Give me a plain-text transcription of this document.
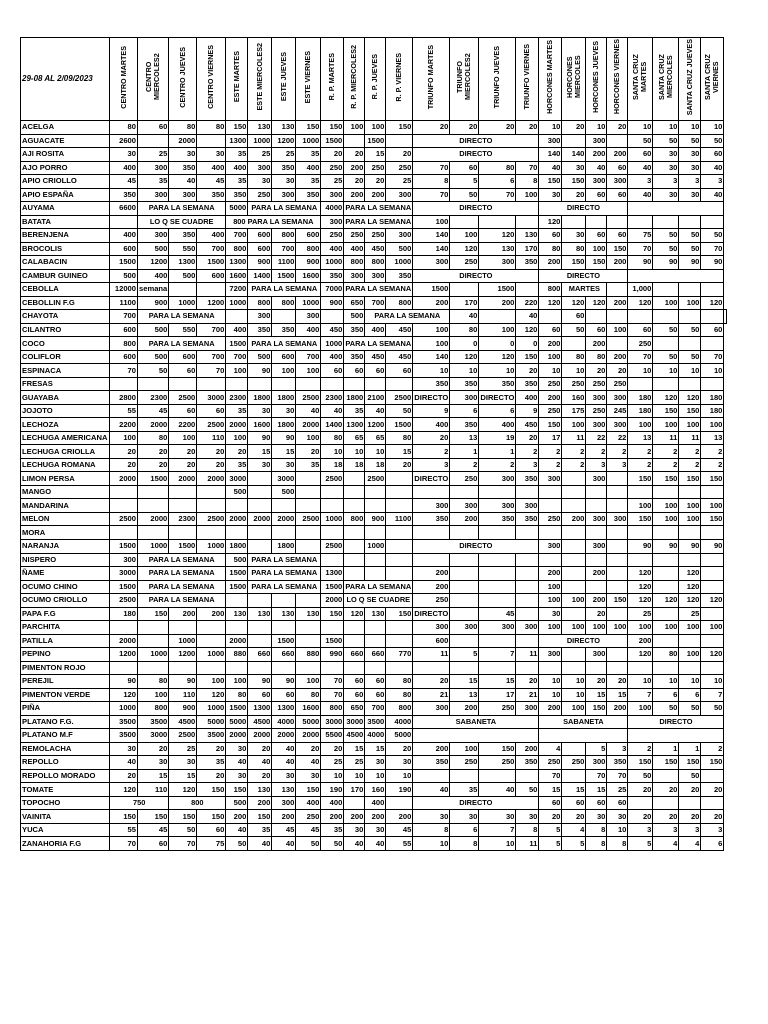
29-08 AL 2/09/2023	CENTRO MARTES	CENTRO MIERCOLES2	CENTRO JUEVES	CENTRO VIERNES	ESTE MARTES	ESTE MIERCOLES2	ESTE JUEVES	ESTE VIERNES	R. P. MARTES	R. P. MIERCOLES2	R. P. JUEVES	R. P. VIERNES	TRIUNFO MARTES	TRIUNFO MIERCOLES2	TRIUNFO JUEVES	TRIUNFO VIERNES	HORCONES MARTES	HORCONES MIERCOLES	HORCONES JUEVES	HORCONES VIERNES	SANTA CRUZ MARTES	SANTA CRUZ MIERCOLES	SANTA CRUZ JUEVES	SANTA CRUZ VIERNES	
ACELGA	80	60	80	80	150	130	130	150	150	100	100	150	20	20	20	20	10	20	10	20	10	10	10	10	
AGUACATE	2600		2000		1300	1000	1200	1000	1500		1500		DIRECTO				300		300		50	50	50	50	
AJI ROSITA	30	25	30	30	35	25	25	35	20	20	15	20	DIRECTO				140	140	200	200	60	30	30	60	
AJO PORRO	400	300	350	400	400	300	350	400	250	200	250	250	70	60	80	70	40	30	40	60	40	30	30	40	
APIO CRIOLLO	45	35	40	45	35	30	30	35	25	20	20	25	8	5	6	8	150	150	300	300	3	3	3	3	
APIO ESPAÑA	350	300	300	350	350	250	300	350	300	200	200	300	70	50	70	100	30	20	60	60	40	30	30	40	
AUYAMA	6600	PARA LA SEMANA			5000	PARA LA SEMANA			4000	PARA LA SEMANA			DIRECTO				DIRECTO								
BATATA		LO Q SE CUADRE			800 PARA LA SEMANA				300	PARA LA SEMANA			100				120								
BERENJENA	400	300	350	400	700	600	800	600	250	250	250	300	140	100	120	130	60	30	60	60	75	50	50	50	
BROCOLIS	600	500	550	700	800	600	700	800	400	400	450	500	140	120	130	170	80	80	100	150	70	50	50	70	
CALABACIN	1500	1200	1300	1500	1300	900	1100	900	1000	800	800	1000	300	250	300	350	200	150	150	200	90	90	90	90	
CAMBUR GUINEO	500	400	500	600	1600	1400	1500	1600	350	300	300	350	DIRECTO				DIRECTO								
CEBOLLA	12000	semana			7200	PARA LA SEMANA			7000	PARA LA SEMANA			1500		1500		800	MARTES			1,000				
CEBOLLIN F.G	1100	900	1000	1200	1000	800	800	1000	900	650	700	800	200	170	200	220	120	120	120	200	120	100	100	120	
CHAYOTA	700	PARA LA SEMANA				300		300		500	PARA LA SEMANA			40		40		60							
CILANTRO	600	500	550	700	400	350	350	400	450	350	400	450	100	80	100	120	60	50	60	100	60	50	50	60	
COCO	800	PARA LA SEMANA			1500	PARA LA SEMANA			1000	PARA LA SEMANA			100	0	0	0	200		200		250				
COLIFLOR	600	500	600	700	700	500	600	700	400	350	450	450	140	120	120	150	100	80	80	200	70	50	50	70	
ESPINACA	70	50	60	70	100	90	100	100	60	60	60	60	10	10	10	20	10	10	20	20	10	10	10	10	
FRESAS													350	350	350	350	250	250	250	250					
GUAYABA	2800	2300	2500	3000	2300	1800	1800	2500	2300	1800	2100	2500	DIRECTO	300	DIRECTO	400	200	160	300	300	180	120	120	180	
JOJOTO	55	45	60	60	35	30	30	40	40	35	40	50	9	6	6	9	250	175	250	245	180	150	150	180	
LECHOZA	2200	2000	2200	2500	2000	1600	1800	2000	1400	1300	1200	1500	400	350	400	450	150	100	300	300	100	100	100	100	
LECHUGA AMERICANA	100	80	100	110	100	90	90	100	80	65	65	80	20	13	19	20	17	11	22	22	13	11	11	13	
LECHUGA CRIOLLA	20	20	20	20	20	15	15	20	10	10	10	15	2	1	1	2	2	2	2	2	2	2	2	2	
LECHUGA ROMANA	20	20	20	20	35	30	30	35	18	18	18	20	3	2	2	3	2	2	3	3	2	2	2	2	
LIMON PERSA	2000	1500	2000	2000	3000		3000		2500		2500		DIRECTO	250	300	350	300		300		150	150	150	150	
MANGO					500		500																		
MANDARINA													300	300	300	300					100	100	100	100	
MELON	2500	2000	2300	2500	2000	2000	2000	2500	1000	800	900	1100	350	200	350	350	250	200	300	300	150	100	100	150	
MORA																									
NARANJA	1500	1000	1500	1000	1800		1800		2500		1000		DIRECTO				300		300		90	90	90	90	
NISPERO	300	PARA LA SEMANA			500	PARA LA SEMANA																			
ÑAME	3000	PARA LA SEMANA			1500	PARA LA SEMANA			1300				200				200		200		120		120		
OCUMO CHINO	1500	PARA LA SEMANA			1500	PARA LA SEMANA			1500	PARA LA SEMANA			200				100				120		120		
OCUMO CRIOLLO	2500	PARA LA SEMANA							2000	LO Q SE CUADRE			250				100	100	200	150	120	120	120	120	
PAPA F.G	180	150	200	200	130	130	130	130	150	120	130	150	DIRECTO		45		30		20		25		25		
PARCHITA													300	300	300	300	100	100	100	100	100	100	100	100	
PATILLA	2000		1000		2000		1500		1500				600				DIRECTO				200				
PEPINO	1200	1000	1200	1000	880	660	660	880	990	660	660	770	11	5	7	11	300		300		120	80	100	120	
PIMENTON ROJO																									
PEREJIL	90	80	90	100	100	90	90	100	70	60	60	80	20	15	15	20	10	10	20	20	10	10	10	10	
PIMENTON VERDE	120	100	110	120	80	60	60	80	70	60	60	80	21	13	17	21	10	10	15	15	7	6	6	7	
PIÑA	1000	800	900	1000	1500	1300	1300	1600	800	650	700	800	300	200	250	300	200	100	150	200	100	50	50	50	
PLATANO F.G.	3500	3500	4500	5000	5000	4500	4000	5000	3000	3000	3500	4000	SABANETA				SABANETA				DIRECTO				
PLATANO M.F	3500	3000	2500	3500	2000	2000	2000	2000	5500	4500	4000	5000													
REMOLACHA	30	20	25	20	30	20	40	20	20	15	15	20	200	100	150	200	4		5	3	2	1	1	2	
REPOLLO	40	30	30	35	40	40	40	40	25	25	30	30	350	250	250	350	250	250	300	350	150	150	150	150	
REPOLLO MORADO	20	15	15	20	30	20	30	30	10	10	10	10					70		70	70	50		50		
TOMATE	120	110	120	150	150	130	130	150	190	170	160	190	40	35	40	50	15	15	15	25	20	20	20	20	
TOPOCHO	750		800		500	200	300	400	400		400		DIRECTO				60	60	60	60					
VAINITA	150	150	150	150	200	150	200	250	200	200	200	200	30	30	30	30	20	20	30	30	20	20	20	20	
YUCA	55	45	50	60	40	35	45	45	35	30	30	45	8	6	7	8	5	4	8	10	3	3	3	3	
ZANAHORIA F.G	70	60	70	75	50	40	40	50	50	40	40	55	10	8	10	11	5	5	8	8	5	4	4	6	
